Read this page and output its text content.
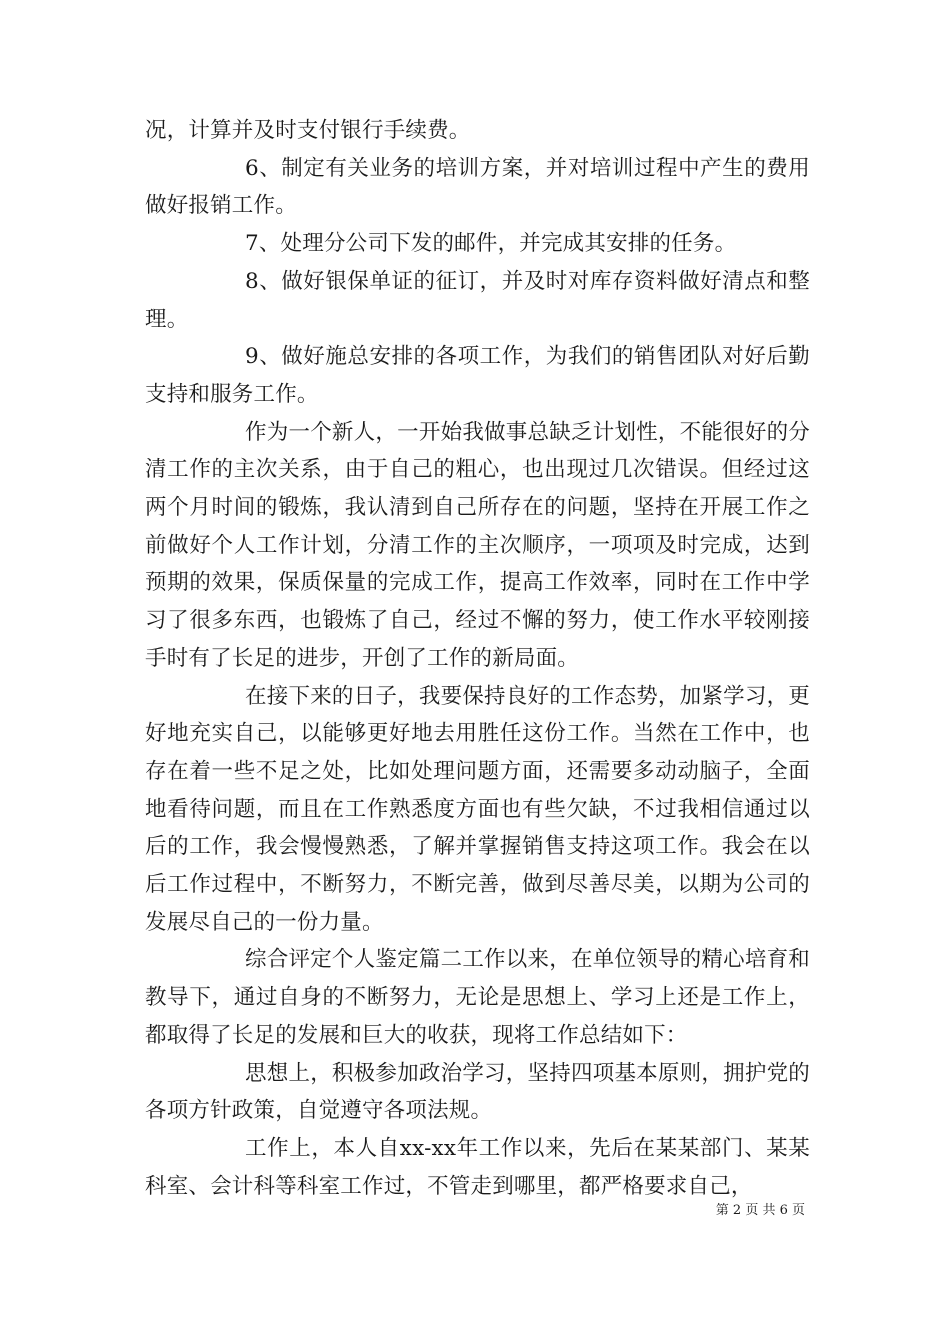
况，计算并及时支付银行手续费。

6、制定有关业务的培训方案，并对培训过程中产生的费用做好报销工作。

7、处理分公司下发的邮件，并完成其安排的任务。

8、做好银保单证的征订，并及时对库存资料做好清点和整理。

9、做好施总安排的各项工作，为我们的销售团队对好后勤支持和服务工作。

作为一个新人，一开始我做事总缺乏计划性，不能很好的分清工作的主次关系，由于自己的粗心，也出现过几次错误。但经过这两个月时间的锻炼，我认清到自己所存在的问题，坚持在开展工作之前做好个人工作计划，分清工作的主次顺序，一项项及时完成，达到预期的效果，保质保量的完成工作，提高工作效率，同时在工作中学习了很多东西，也锻炼了自己，经过不懈的努力，使工作水平较刚接手时有了长足的进步，开创了工作的新局面。

在接下来的日子，我要保持良好的工作态势，加紧学习，更好地充实自己，以能够更好地去用胜任这份工作。当然在工作中，也存在着一些不足之处，比如处理问题方面，还需要多动动脑子，全面地看待问题，而且在工作熟悉度方面也有些欠缺，不过我相信通过以后的工作，我会慢慢熟悉，了解并掌握销售支持这项工作。我会在以后工作过程中，不断努力，不断完善，做到尽善尽美，以期为公司的发展尽自己的一份力量。

综合评定个人鉴定篇二工作以来，在单位领导的精心培育和教导下，通过自身的不断努力，无论是思想上、学习上还是工作上，都取得了长足的发展和巨大的收获，现将工作总结如下：

思想上，积极参加政治学习，坚持四项基本原则，拥护党的各项方针政策，自觉遵守各项法规。

工作上，本人自xx-xx年工作以来，先后在某某部门、某某科室、会计科等科室工作过，不管走到哪里，都严格要求自己，

第 2 页 共 6 页
